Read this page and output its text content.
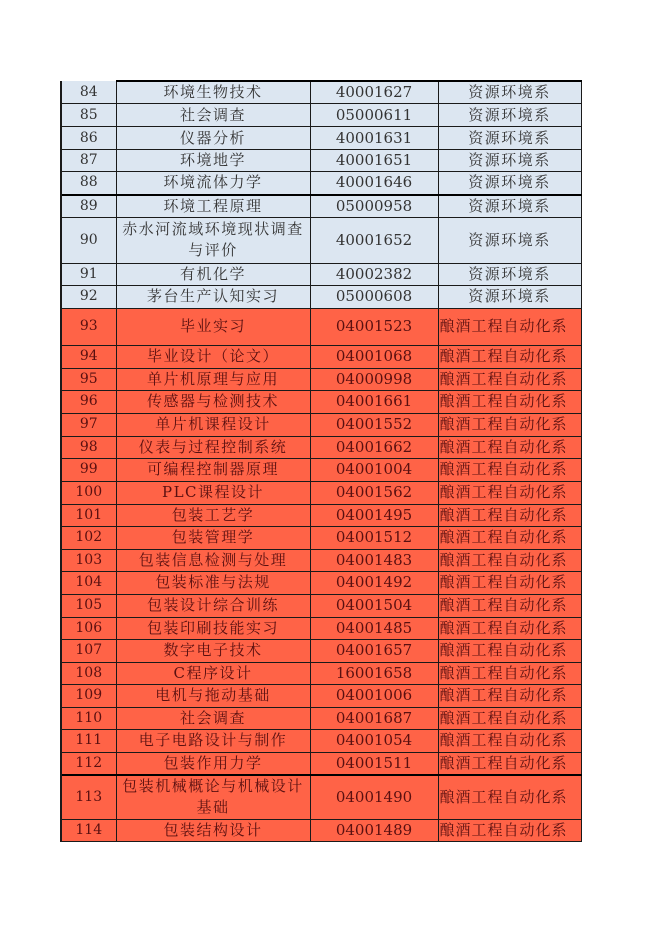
84	环境生物技术	40001627	资源环境系
85	社会调查	05000611	资源环境系
86	仪器分析	40001631	资源环境系
87	环境地学	40001651	资源环境系
88	环境流体力学	40001646	资源环境系
89	环境工程原理	05000958	资源环境系
90	赤水河流域环境现状调查与评价	40001652	资源环境系
91	有机化学	40002382	资源环境系
92	茅台生产认知实习	05000608	资源环境系
93	毕业实习	04001523	酿酒工程自动化系
94	毕业设计（论文）	04001068	酿酒工程自动化系
95	单片机原理与应用	04000998	酿酒工程自动化系
96	传感器与检测技术	04001661	酿酒工程自动化系
97	单片机课程设计	04001552	酿酒工程自动化系
98	仪表与过程控制系统	04001662	酿酒工程自动化系
99	可编程控制器原理	04001004	酿酒工程自动化系
100	PLC课程设计	04001562	酿酒工程自动化系
101	包装工艺学	04001495	酿酒工程自动化系
102	包装管理学	04001512	酿酒工程自动化系
103	包装信息检测与处理	04001483	酿酒工程自动化系
104	包装标准与法规	04001492	酿酒工程自动化系
105	包装设计综合训练	04001504	酿酒工程自动化系
106	包装印刷技能实习	04001485	酿酒工程自动化系
107	数字电子技术	04001657	酿酒工程自动化系
108	C程序设计	16001658	酿酒工程自动化系
109	电机与拖动基础	04001006	酿酒工程自动化系
110	社会调查	04001687	酿酒工程自动化系
111	电子电路设计与制作	04001054	酿酒工程自动化系
112	包装作用力学	04001511	酿酒工程自动化系
113	包装机械概论与机械设计基础	04001490	酿酒工程自动化系
114	包装结构设计	04001489	酿酒工程自动化系
